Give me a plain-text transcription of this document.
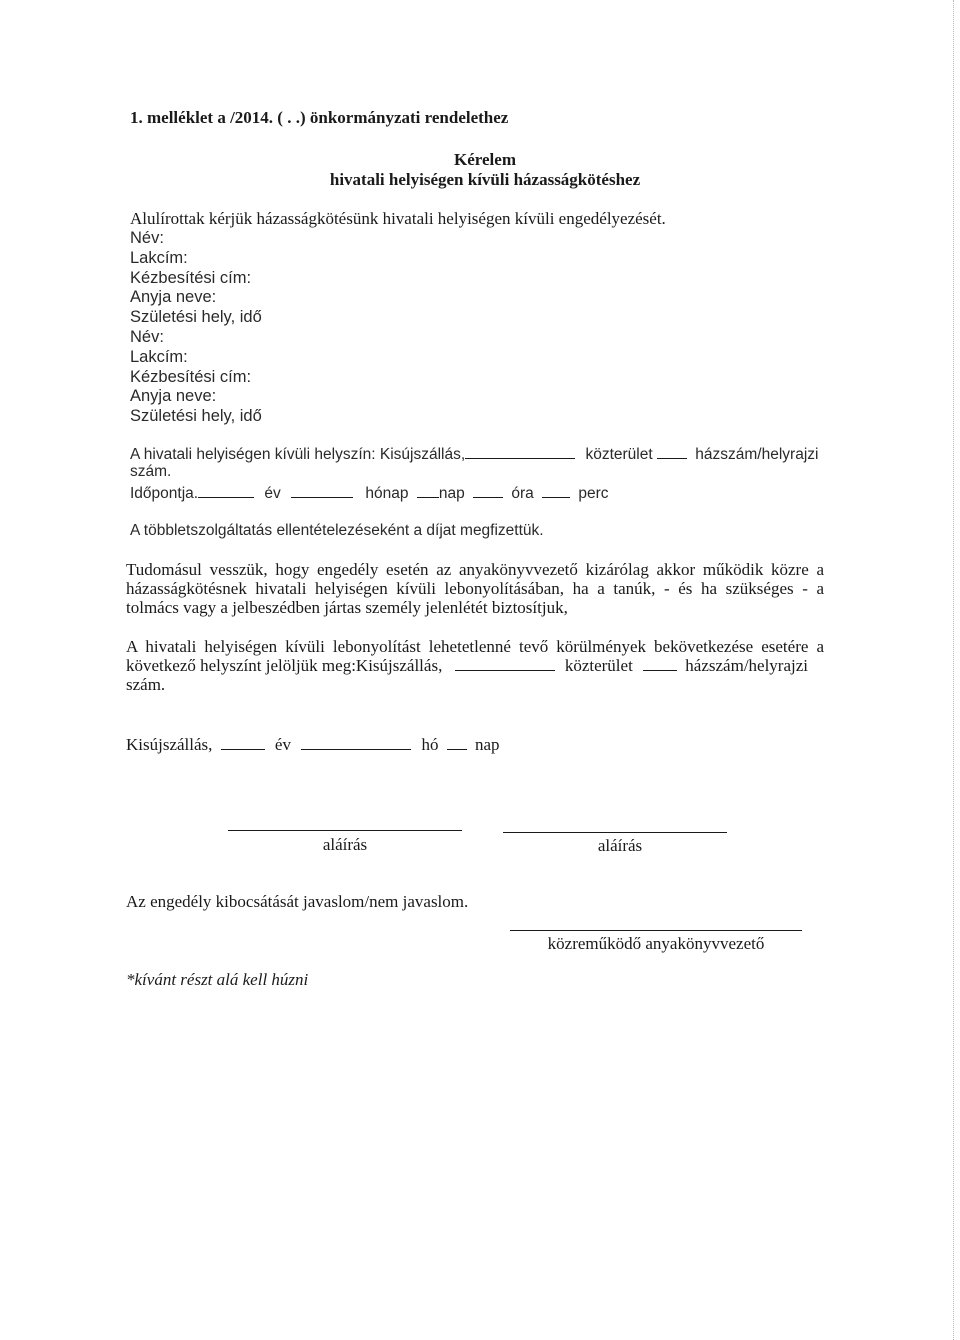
1. melléklet a /2014. ( . .) önkormányzati rendelethez
Kérelem
hivatali helyiségen kívüli házasságkötéshez
Alulírottak kérjük házasságkötésünk hivatali helyiségen kívüli engedélyezését.
Név:
Lakcím:
Kézbesítési cím:
Anyja neve:
Születési hely, idő
Név:
Lakcím:
Kézbesítési cím:
Anyja neve:
Születési hely, idő
A hivatali helyiségen kívüli helyszín: Kisújszállás,	közterület	házszám/helyrajzi
szám.
Időpontja.	év	hónap nap	óra	perc
A többletszolgáltatás ellentételezéseként a díjat megfizettük.
Tudomásul vesszük, hogy engedély esetén az anyakönyvvezető kizárólag akkor működik közre a
házasságkötésnek hivatali helyiségen kívüli lebonyolításában, ha a tanúk, - és ha szükséges - a
tolmács vagy a jelbeszédben jártas személy jelenlétét biztosítjuk,
A hivatali helyiségen kívüli lebonyolítást lehetetlenné tevő körülmények bekövetkezése esetére a
következő helyszínt jelöljük meg:Kisújszállás,	közterület	házszám/helyrajzi
szám.
Kisújszállás,	év	hó nap
aláírás	aláírás
Az engedély kibocsátását javaslom/nem javaslom.
közreműködő anyakönyvvezető
*kívánt részt alá kell húzni
